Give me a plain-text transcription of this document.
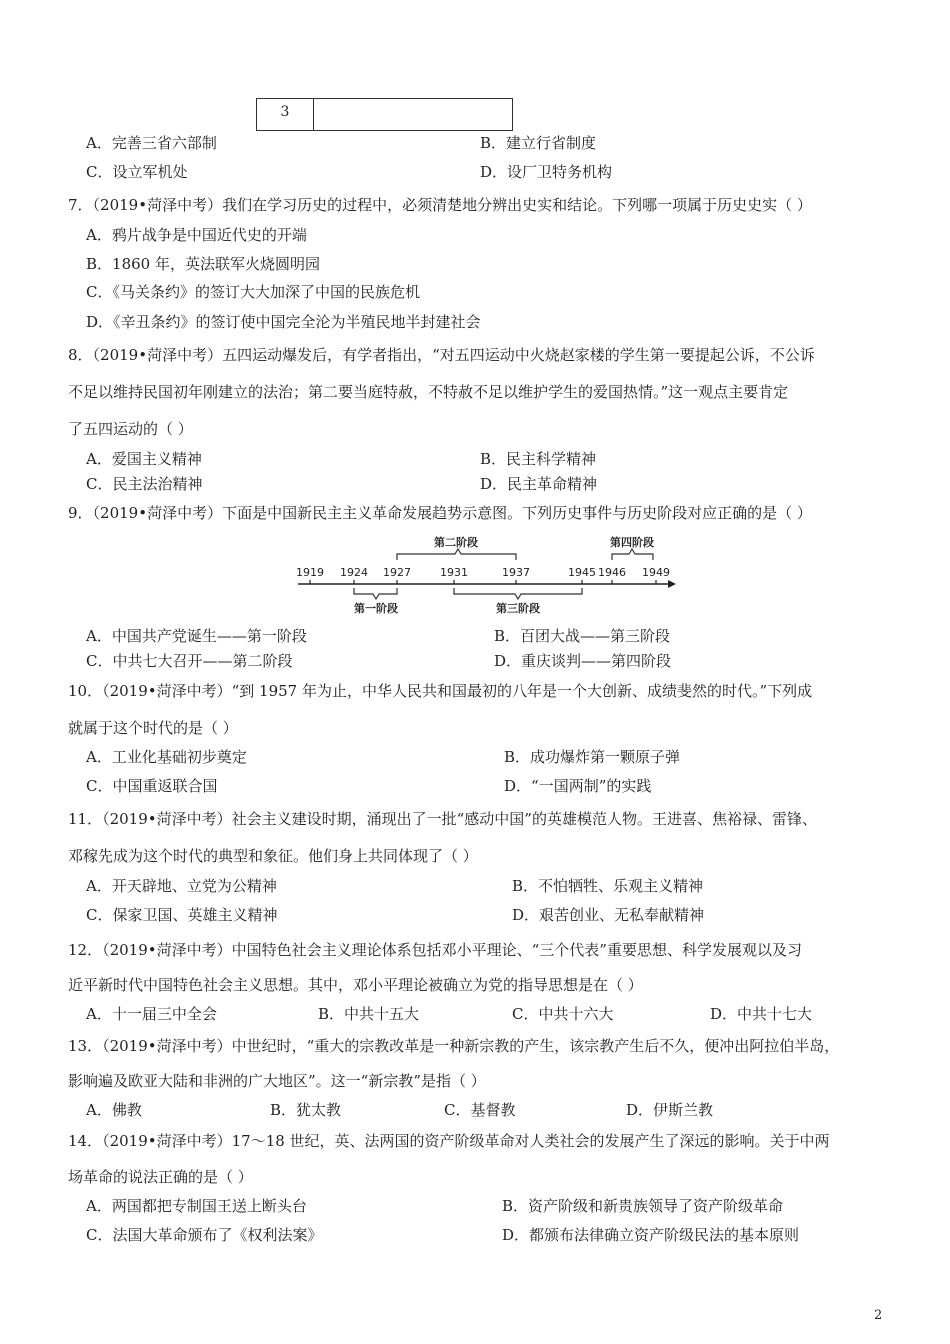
3
A．完善三省六部制	B．建立行省制度
C．设立军机处	D．设厂卫特务机构
7．（2019•菏泽中考）我们在学习历史的过程中，必须清楚地分辨出史实和结论。下列哪一项属于历史史实（ ）
A．鸦片战争是中国近代史的开端
B．1860 年，英法联军火烧圆明园
C．《马关条约》的签订大大加深了中国的民族危机
D．《辛丑条约》的签订使中国完全沦为半殖民地半封建社会
8．（2019•菏泽中考）五四运动爆发后，有学者指出，“对五四运动中火烧赵家楼的学生第一要提起公诉，不公诉
不足以维持民国初年刚建立的法治；第二要当庭特赦，不特赦不足以维护学生的爱国热情。”这一观点主要肯定
了五四运动的（ ）
A．爱国主义精神	B．民主科学精神
C．民主法治精神	D．民主革命精神
9．（2019•菏泽中考）下面是中国新民主主义革命发展趋势示意图。下列历史事件与历史阶段对应正确的是（ ）
第二阶段	第四阶段
1919 1924 1927	1931	1937	1945 1946 1949
第一阶段	第三阶段
A．中国共产党诞生——第一阶段	B．百团大战——第三阶段
C．中共七大召开——第二阶段	D．重庆谈判——第四阶段
10．（2019•菏泽中考）“到 1957 年为止，中华人民共和国最初的八年是一个大创新、成绩斐然的时代。”下列成
就属于这个时代的是（ ）
A．工业化基础初步奠定	B．成功爆炸第一颗原子弹
C．中国重返联合国	D．“一国两制”的实践
11．（2019•菏泽中考）社会主义建设时期，涌现出了一批“感动中国”的英雄模范人物。王进喜、焦裕禄、雷锋、
邓稼先成为这个时代的典型和象征。他们身上共同体现了（ ）
A．开天辟地、立党为公精神	B．不怕牺牲、乐观主义精神
C．保家卫国、英雄主义精神	D．艰苦创业、无私奉献精神
12．（2019•菏泽中考）中国特色社会主义理论体系包括邓小平理论、“三个代表”重要思想、科学发展观以及习
近平新时代中国特色社会主义思想。其中，邓小平理论被确立为党的指导思想是在（ ）
A．十一届三中全会	B．中共十五大	C．中共十六大	D．中共十七大
13．（2019•菏泽中考）中世纪时，“重大的宗教改革是一种新宗教的产生，该宗教产生后不久，便冲出阿拉伯半岛，
影响遍及欧亚大陆和非洲的广大地区”。这一“新宗教”是指（ ）
A．佛教	B．犹太教	C．基督教	D．伊斯兰教
14．（2019•菏泽中考）17～18 世纪，英、法两国的资产阶级革命对人类社会的发展产生了深远的影响。关于中两
场革命的说法正确的是（ ）
A．两国都把专制国王送上断头台	B．资产阶级和新贵族领导了资产阶级革命
C．法国大革命颁布了《权利法案》	D．都颁布法律确立资产阶级民法的基本原则
2
